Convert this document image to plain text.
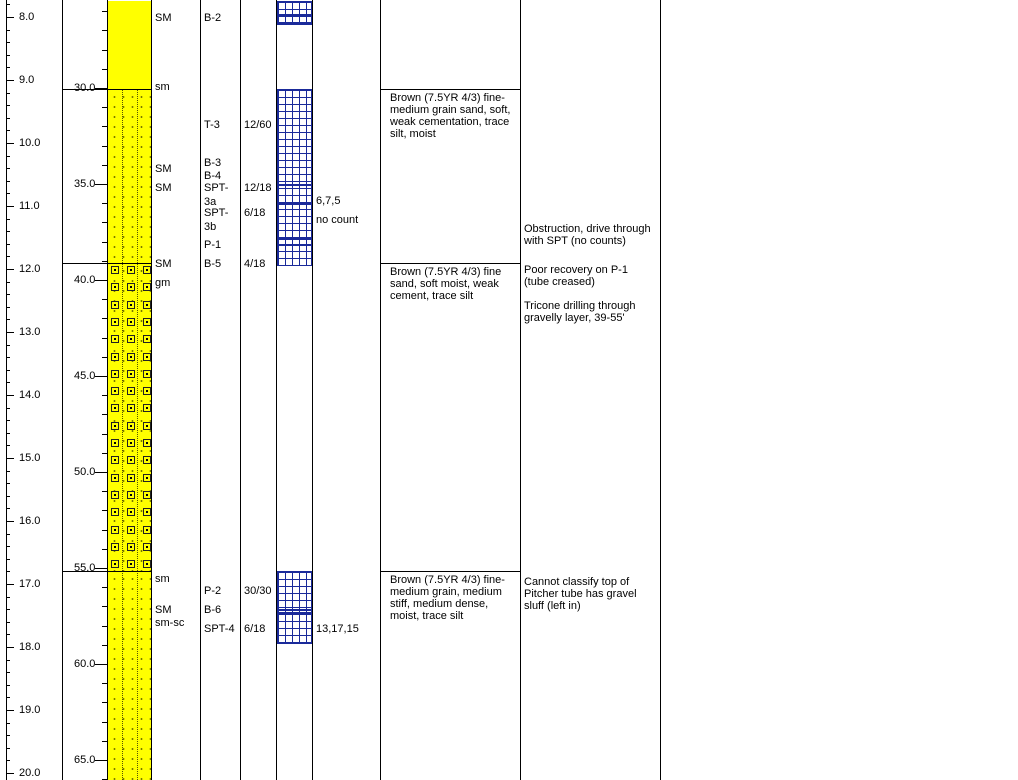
8.0
9.0
10.0
11.0
12.0
13.0
14.0
15.0
16.0
17.0
18.0
19.0
20.0
30.0
35.0
40.0
45.0
50.0
55.0
60.0
65.0
SM
sm
SM
SM
SM
gm
sm
SM
sm-sc
B-2
T-3
B-3
B-4
SPT-
3a
SPT-
3b
P-1
B-5
P-2
B-6
SPT-4
12/60
12/18
6/18
4/18
30/30
6/18
6,7,5
no count
13,17,15
Brown (7.5YR 4/3) fine-medium grain sand, soft, weak cementation, trace silt, moist
Brown (7.5YR 4/3) fine sand, soft moist, weak cement, trace silt
Brown (7.5YR 4/3) fine-medium grain, medium stiff, medium dense, moist, trace silt

Obstruction, drive through with SPT (no counts)

Poor recovery on P-1 (tube creased)

Tricone drilling through gravelly layer, 39-55'

Cannot classify top of Pitcher tube has gravel sluff (left in)
